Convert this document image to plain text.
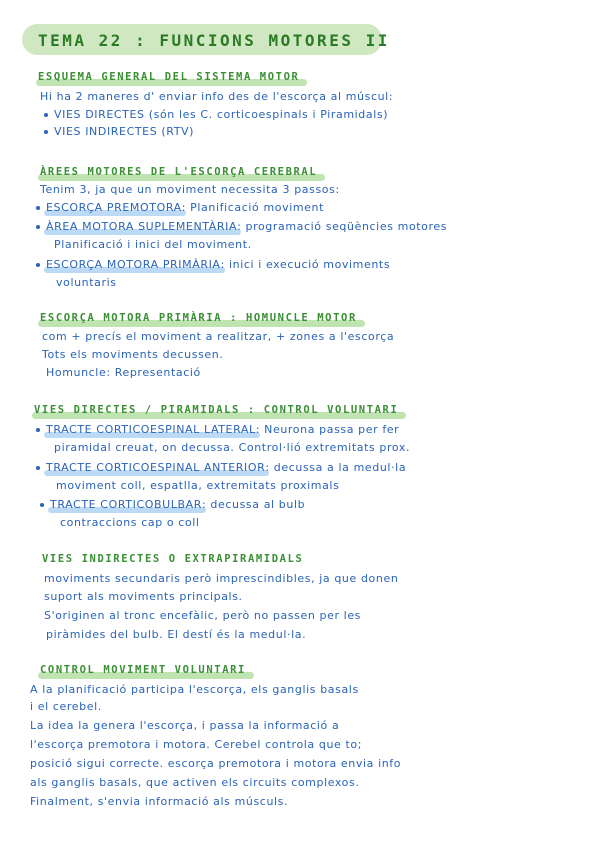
TEMA 22 : FUNCIONS MOTORES II
ESQUEMA GENERAL DEL SISTEMA MOTOR
Hi ha 2 maneres d' enviar info des de l'escorça al múscul:
VIES DIRECTES (són les C. corticoespinals i Piramidals)
VIES INDIRECTES (RTV)
ÀREES MOTORES DE L'ESCORÇA CEREBRAL
Tenim 3, ja que un moviment necessita 3 passos:
ESCORÇA PREMOTORA: Planificació moviment
ÀREA MOTORA SUPLEMENTÀRIA: programació seqüències motores
Planificació i inici del moviment.
ESCORÇA MOTORA PRIMÀRIA: inici i execució moviments
voluntaris
ESCORÇA MOTORA PRIMÀRIA : HOMUNCLE MOTOR
com + precís el moviment a realitzar, + zones a l'escorça
Tots els moviments decussen.
Homuncle: Representació
VIES DIRECTES / PIRAMIDALS : CONTROL VOLUNTARI
TRACTE CORTICOESPINAL LATERAL: Neurona passa per fer
piramidal creuat, on decussa. Control·lió extremitats prox.
TRACTE CORTICOESPINAL ANTERIOR: decussa a la medul·la
moviment coll, espatlla, extremitats proximals
TRACTE CORTICOBULBAR: decussa al bulb
contraccions cap o coll
VIES INDIRECTES O EXTRAPIRAMIDALS
moviments secundaris però imprescindibles, ja que donen
suport als moviments principals.
S'originen al tronc encefàlic, però no passen per les
piràmides del bulb. El destí és la medul·la.
CONTROL MOVIMENT VOLUNTARI
A la planificació participa l'escorça, els ganglis basals
i el cerebel.
La idea la genera l'escorça, i passa la informació a
l'escorça premotora i motora. Cerebel controla que to;
posició sigui correcte. escorça premotora i motora envia info
als ganglis basals, que activen els circuits complexos.
Finalment, s'envia informació als músculs.
